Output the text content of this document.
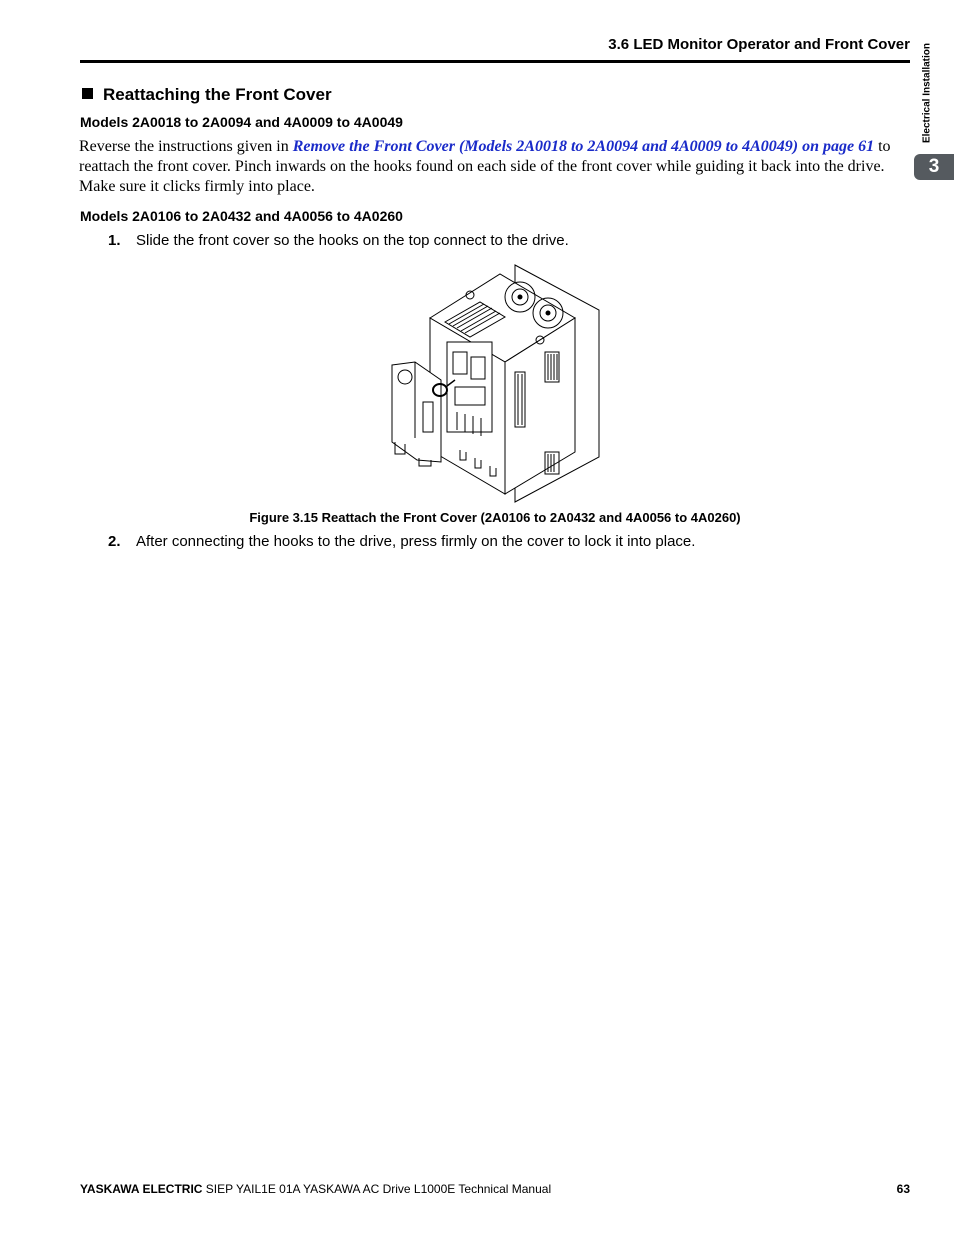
3.6 LED Monitor Operator and Front Cover Electrical Installation
3
Reattaching the Front Cover
Models 2A0018 to 2A0094 and 4A0009 to 4A0049
Reverse the instructions given in Remove the Front Cover (Models 2A0018 to 2A0094 and 4A0009 to 4A0049) on page 61 to reattach the front cover. Pinch inwards on the hooks found on each side of the front cover while guiding it back into the drive. Make sure it clicks firmly into place.
Models 2A0106 to 2A0432 and 4A0056 to 4A0260
1. Slide the front cover so the hooks on the top connect to the drive.
Figure 3.15 Reattach the Front Cover (2A0106 to 2A0432 and 4A0056 to 4A0260)
2. After connecting the hooks to the drive, press firmly on the cover to lock it into place.
YASKAWA ELECTRIC SIEP YAIL1E 01A YASKAWA AC Drive L1000E Technical Manual	63
